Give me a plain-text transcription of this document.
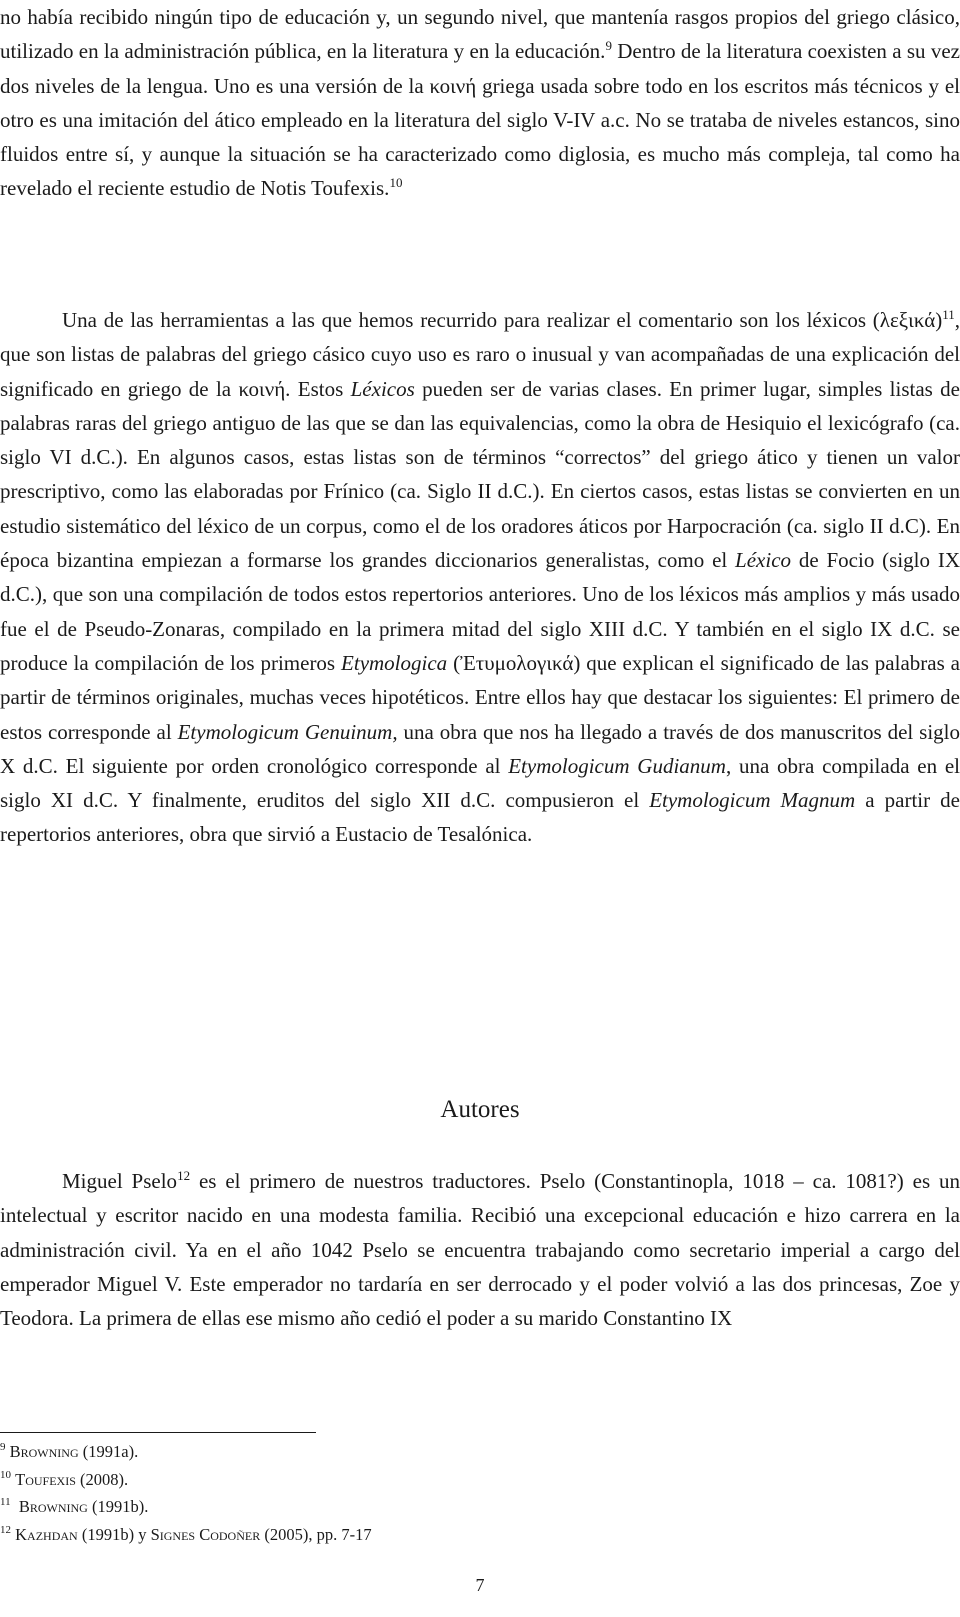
no había recibido ningún tipo de educación y, un segundo nivel, que mantenía rasgos propios del griego clásico, utilizado en la administración pública, en la literatura y en la educación.$^9$ Dentro de la literatura coexisten a su vez dos niveles de la lengua. Uno es una versión de la κοινή griega usada sobre todo en los escritos más técnicos y el otro es una imitación del ático empleado en la literatura del siglo V-IV a.c. No se trataba de niveles estancos, sino fluidos entre sí, y aunque la situación se ha caracterizado como diglosia, es mucho más compleja, tal como ha revelado el reciente estudio de Notis Toufexis.$^{10}$

Una de las herramientas a las que hemos recurrido para realizar el comentario son los léxicos $(\lambda\varepsilon\xi\iota\kappa ά)^{11}$, que son listas de palabras del griego cásico cuyo uso es raro o inusual y van acompañadas de una explicación del significado en griego de la κοινή. Estos Léxicos pueden ser de varias clases. En primer lugar, simples listas de palabras raras del griego antiguo de las que se dan las equivalencias, como la obra de Hesiquio el lexicógrafo (ca. siglo VI d.C.). En algunos casos, estas listas son de términos “correctos” del griego ático y tienen un valor prescriptivo, como las elaboradas por Frínico (ca. Siglo II d.C.). En ciertos casos, estas listas se convierten en un estudio sistemático del léxico de un corpus, como el de los oradores áticos por Harpocración (ca. siglo II d.C). En época bizantina empiezan a formarse los grandes diccionarios generalistas, como el Léxico de Focio (siglo IX d.C.), que son una compilación de todos estos repertorios anteriores. Uno de los léxicos más amplios y más usado fue el de Pseudo-Zonaras, compilado en la primera mitad del siglo XIII d.C. Y también en el siglo IX d.C. se produce la compilación de los primeros Etymologica (Ἐτυμολογικά) que explican el significado de las palabras a partir de términos originales, muchas veces hipotéticos. Entre ellos hay que destacar los siguientes: El primero de estos corresponde al Etymologicum Genuinum, una obra que nos ha llegado a través de dos manuscritos del siglo X d.C. El siguiente por orden cronológico corresponde al Etymologicum Gudianum, una obra compilada en el siglo XI d.C. Y finalmente, eruditos del siglo XII d.C. compusieron el Etymologicum Magnum a partir de repertorios anteriores, obra que sirvió a Eustacio de Tesalónica.

Autores

Miguel Pselo$^{12}$ es el primero de nuestros traductores. Pselo (Constantinopla, 1018 – ca. 1081?) es un intelectual y escritor nacido en una modesta familia. Recibió una excepcional educación e hizo carrera en la administración civil. Ya en el año 1042 Pselo se encuentra trabajando como secretario imperial a cargo del emperador Miguel V. Este emperador no tardaría en ser derrocado y el poder volvió a las dos princesas, Zoe y Teodora. La primera de ellas ese mismo año cedió el poder a su marido Constantino IX

$^9$ Browning (1991a).
$^{10}$ Toufexis (2008).
$^{11}$ Browning (1991b).
$^{12}$ Kazhdan (1991b) y Signes Codoñer (2005), pp. 7-17
7
